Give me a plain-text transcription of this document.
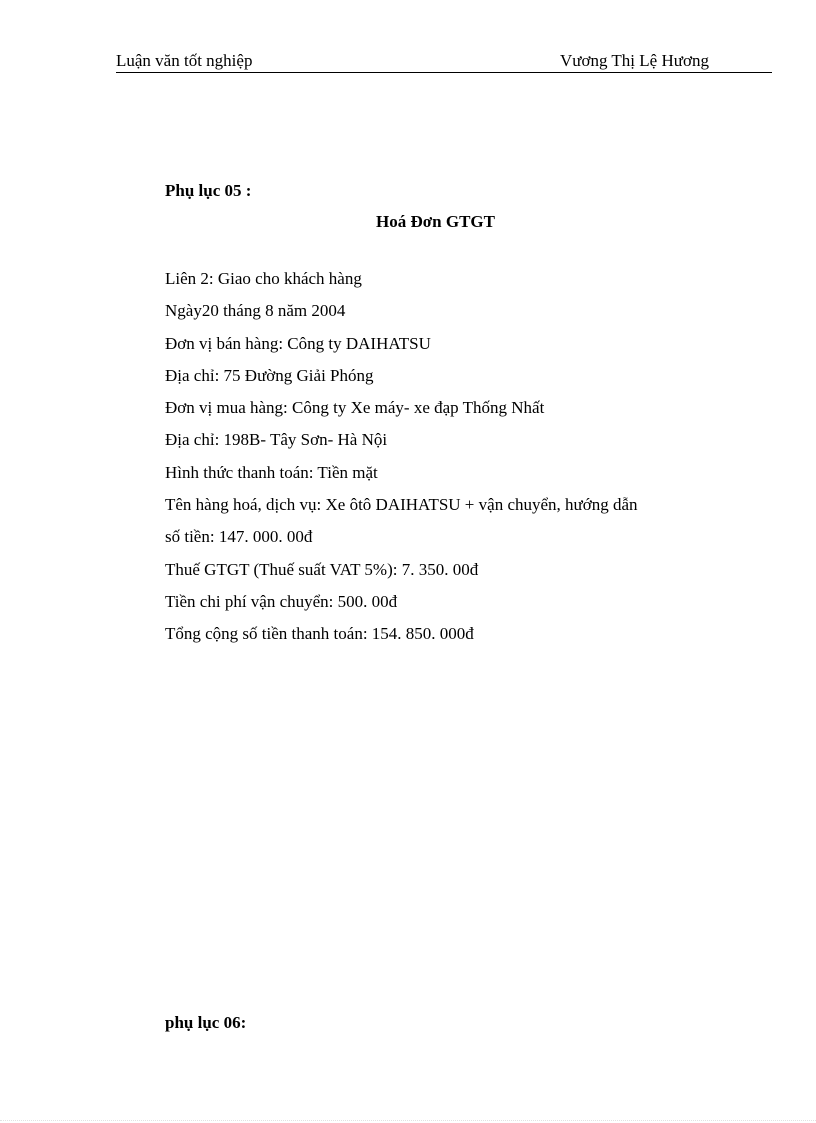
Luận văn tốt nghiệp	Vương Thị Lệ Hương
Phụ lục 05 :
Hoá Đơn GTGT
Liên 2: Giao cho khách hàng
Ngày20 tháng 8 năm 2004
Đơn vị bán hàng: Công ty DAIHATSU
Địa chỉ: 75 Đường Giải Phóng
Đơn vị mua hàng: Công ty Xe máy- xe đạp Thống Nhất
Địa chỉ: 198B- Tây Sơn- Hà Nội
Hình thức thanh toán: Tiền mặt
Tên hàng hoá, dịch vụ: Xe ôtô DAIHATSU + vận chuyển, hướng dẫn
số tiền: 147. 000. 00đ
Thuế GTGT (Thuế suất VAT 5%): 7. 350. 00đ
Tiền chi phí vận chuyển: 500. 00đ
Tổng cộng số tiền thanh toán: 154. 850. 000đ
phụ lục 06:
